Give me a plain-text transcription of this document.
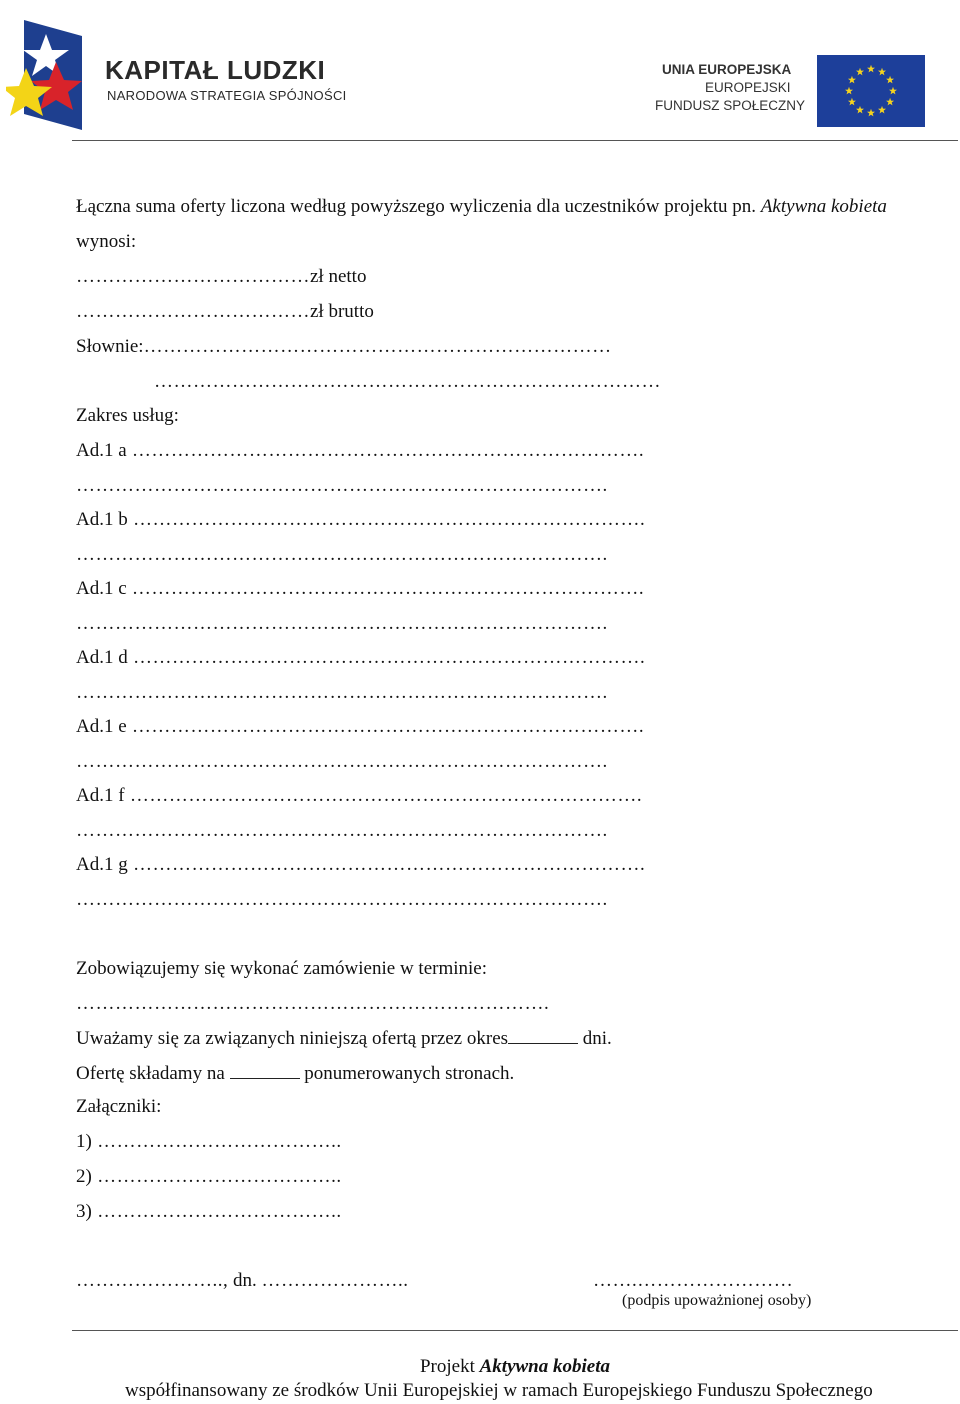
KAPITAŁ LUDZKI
NARODOWA STRATEGIA SPÓJNOŚCI
UNIA EUROPEJSKA
EUROPEJSKI
FUNDUSZ SPOŁECZNY
Łączna suma oferty liczona według powyższego wyliczenia dla uczestników projektu pn. Aktywna kobieta
wynosi:
………………………………zł netto
………………………………zł brutto
Słownie:………………………………………………………………
……………………………………………………………………
Zakres usług:
Ad.1 a …………………………………………………………………….
……………………………………………………………………….
Ad.1 b …………………………………………………………………….
……………………………………………………………………….
Ad.1 c …………………………………………………………………….
……………………………………………………………………….
Ad.1 d …………………………………………………………………….
……………………………………………………………………….
Ad.1 e …………………………………………………………………….
……………………………………………………………………….
Ad.1 f …………………………………………………………………….
……………………………………………………………………….
Ad.1 g …………………………………………………………………….
……………………………………………………………………….
Zobowiązujemy się wykonać zamówienie w terminie:
……………………………………………………………….
Uważamy się za związanych niniejszą ofertą przez okres	dni.
Ofertę składamy na	ponumerowanych stronach.
Załączniki:
1) ………………………………..
2) ………………………………..
3) ………………………………..
………………….., dn. …………………..	…….……………………
(podpis upoważnionej osoby)
Projekt Aktywna kobieta
współfinansowany ze środków Unii Europejskiej w ramach Europejskiego Funduszu Społecznego
